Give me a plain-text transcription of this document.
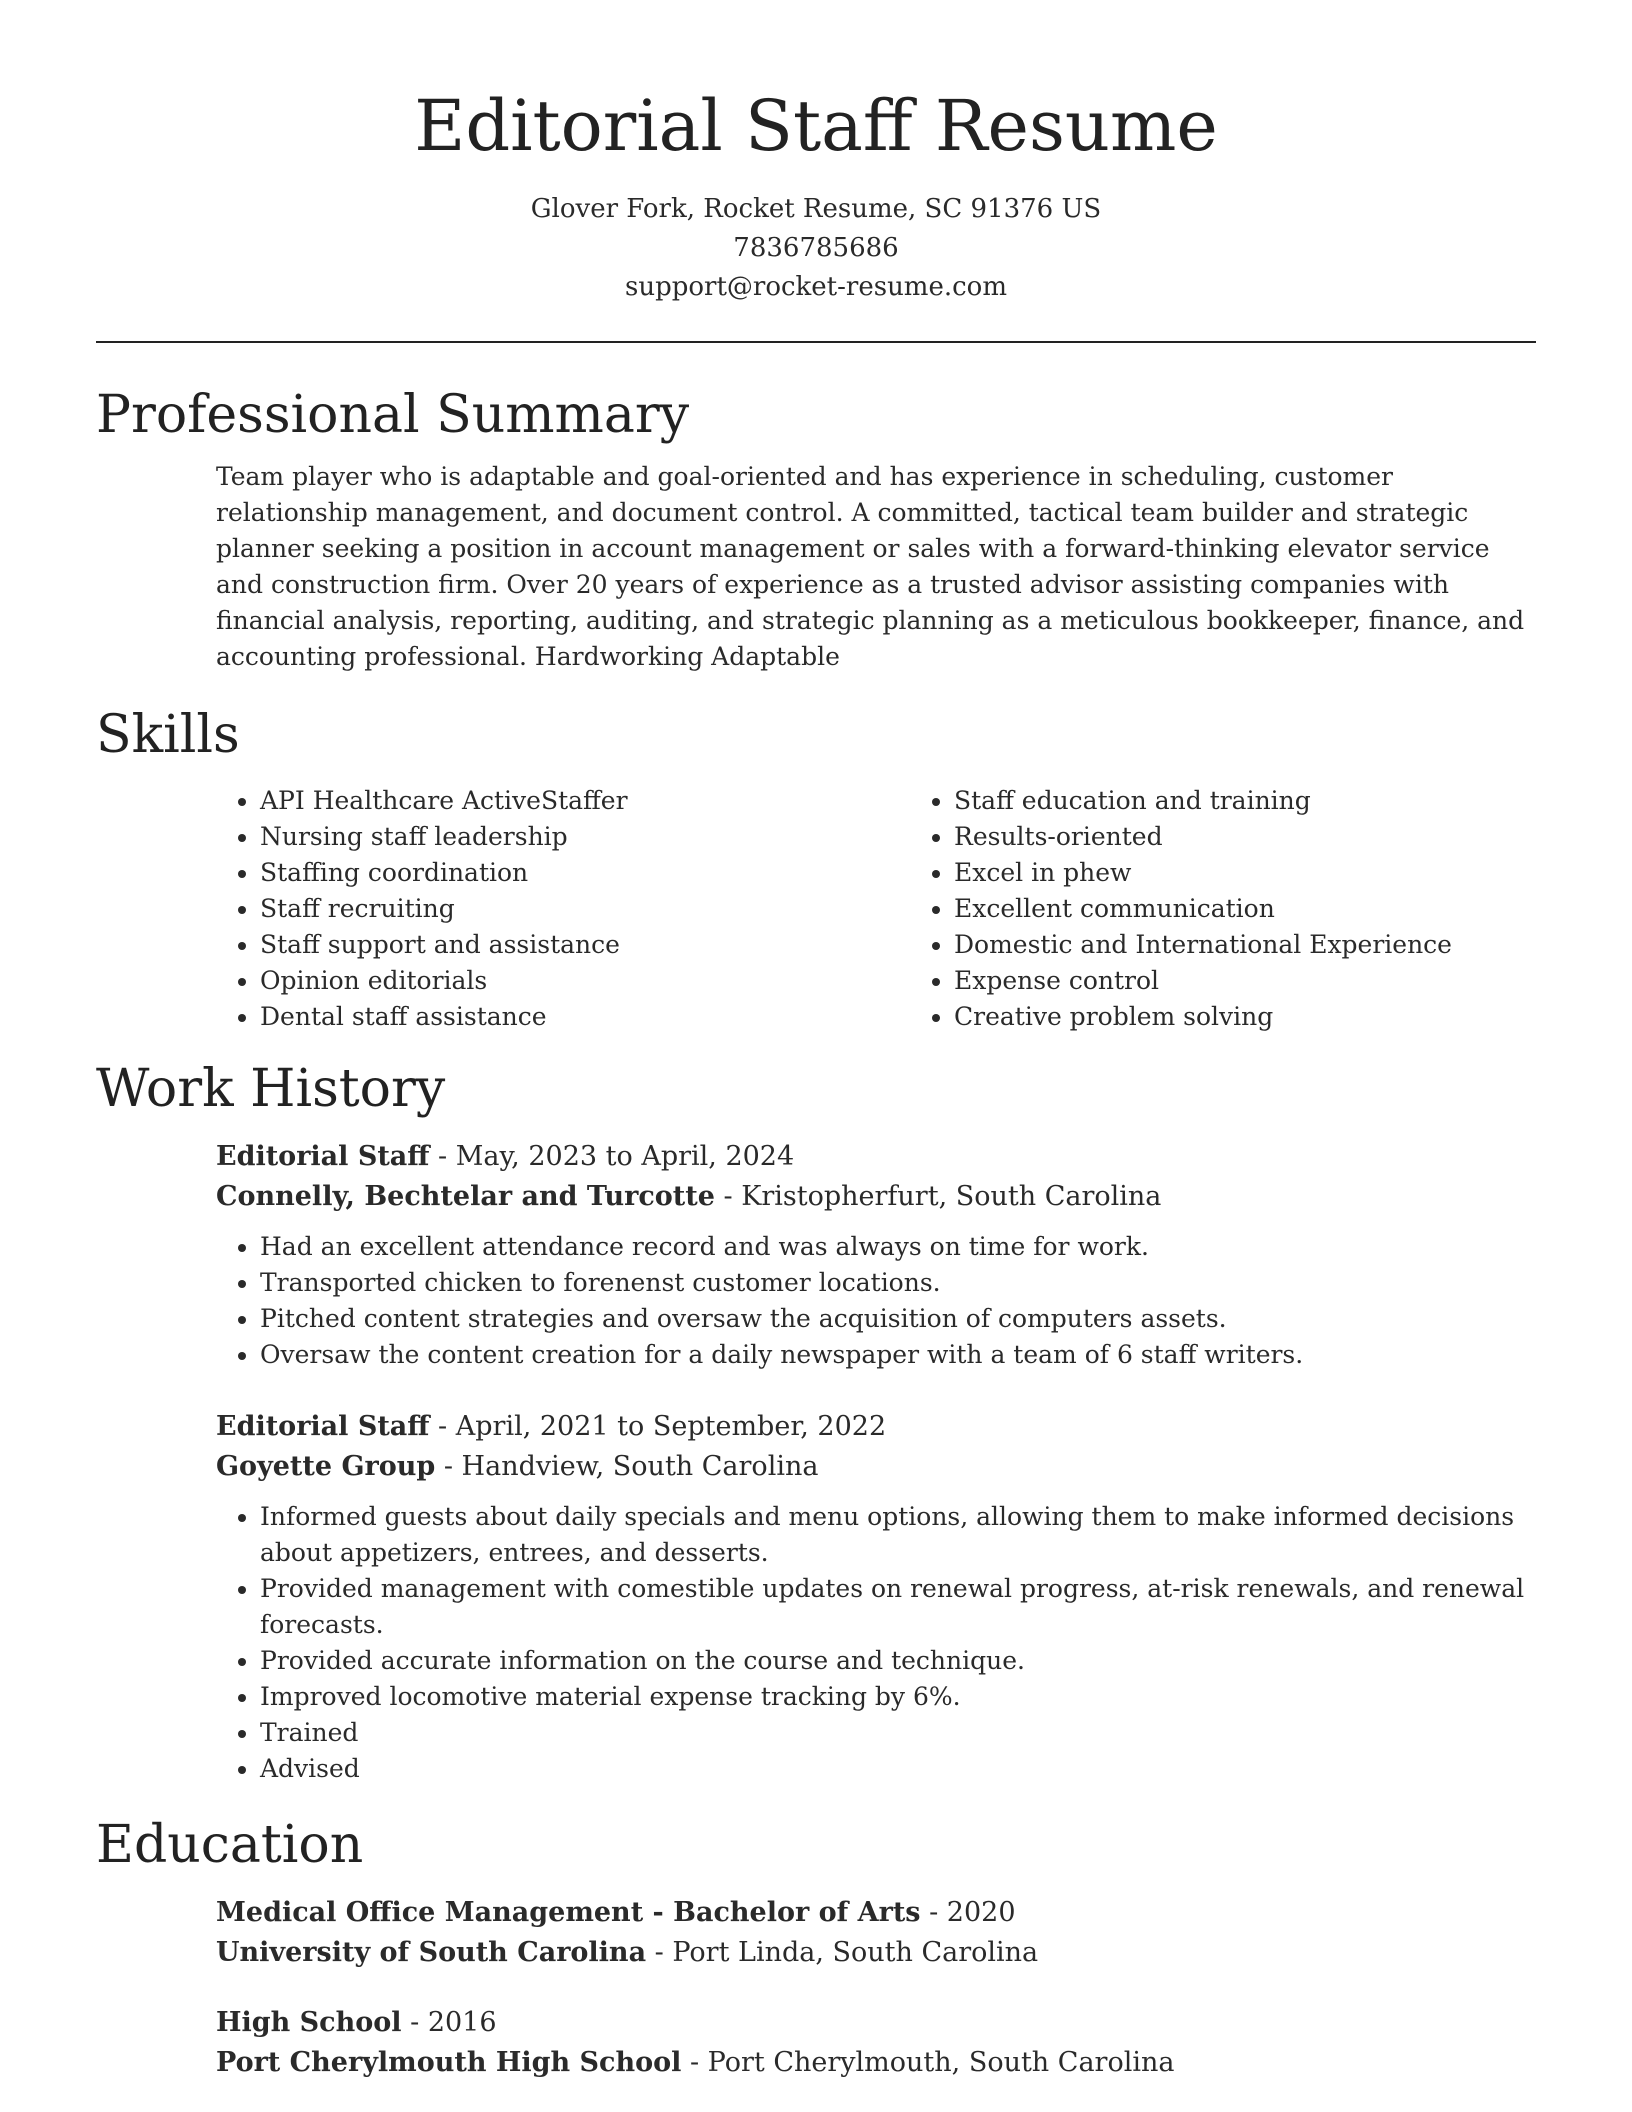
Editorial Staff Resume
Glover Fork, Rocket Resume, SC 91376 US
7836785686
support@rocket-resume.com
Professional Summary

Team player who is adaptable and goal-oriented and has experience in scheduling, customer relationship management, and document control. A committed, tactical team builder and strategic planner seeking a position in account management or sales with a forward-thinking elevator service and construction firm. Over 20 years of experience as a trusted advisor assisting companies with financial analysis, reporting, auditing, and strategic planning as a meticulous bookkeeper, finance, and accounting professional. Hardworking Adaptable

Skills
• API Healthcare ActiveStaffer
• Nursing staff leadership
• Staffing coordination
• Staff recruiting
• Staff support and assistance
• Opinion editorials
• Dental staff assistance
• Staff education and training
• Results-oriented
• Excel in phew
• Excellent communication
• Domestic and International Experience
• Expense control
• Creative problem solving
Work History
Editorial Staff - May, 2023 to April, 2024
Connelly, Bechtelar and Turcotte - Kristopherfurt, South Carolina
• Had an excellent attendance record and was always on time for work.
• Transported chicken to forenenst customer locations.
• Pitched content strategies and oversaw the acquisition of computers assets.
• Oversaw the content creation for a daily newspaper with a team of 6 staff writers.
Editorial Staff - April, 2021 to September, 2022
Goyette Group - Handview, South Carolina
• Informed guests about daily specials and menu options, allowing them to make informed decisions about appetizers, entrees, and desserts.
• Provided management with comestible updates on renewal progress, at-risk renewals, and renewal forecasts.
• Provided accurate information on the course and technique.
• Improved locomotive material expense tracking by 6%.
• Trained
• Advised
Education
Medical Office Management - Bachelor of Arts - 2020
University of South Carolina - Port Linda, South Carolina
High School - 2016
Port Cherylmouth High School - Port Cherylmouth, South Carolina
